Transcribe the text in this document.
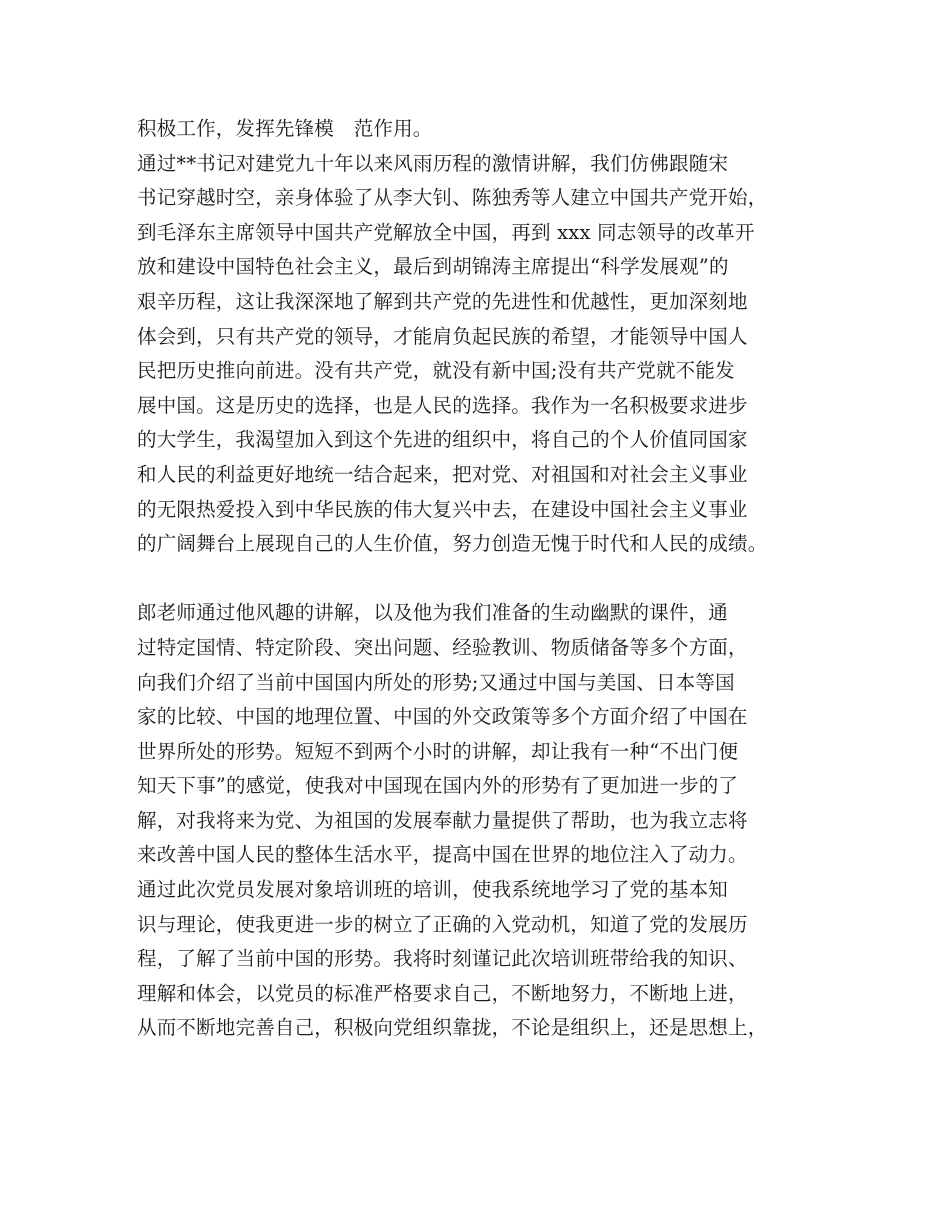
积极工作，发挥先锋模　范作用。
通过**书记对建党九十年以来风雨历程的激情讲解，我们仿佛跟随宋
书记穿越时空，亲身体验了从李大钊、陈独秀等人建立中国共产党开始，
到毛泽东主席领导中国共产党解放全中国，再到 xxx 同志领导的改革开
放和建设中国特色社会主义，最后到胡锦涛主席提出“科学发展观”的
艰辛历程，这让我深深地了解到共产党的先进性和优越性，更加深刻地
体会到，只有共产党的领导，才能肩负起民族的希望，才能领导中国人
民把历史推向前进。没有共产党，就没有新中国;没有共产党就不能发
展中国。这是历史的选择，也是人民的选择。我作为一名积极要求进步
的大学生，我渴望加入到这个先进的组织中，将自己的个人价值同国家
和人民的利益更好地统一结合起来，把对党、对祖国和对社会主义事业
的无限热爱投入到中华民族的伟大复兴中去，在建设中国社会主义事业
的广阔舞台上展现自己的人生价值，努力创造无愧于时代和人民的成绩。
郎老师通过他风趣的讲解，以及他为我们准备的生动幽默的课件，通
过特定国情、特定阶段、突出问题、经验教训、物质储备等多个方面，
向我们介绍了当前中国国内所处的形势;又通过中国与美国、日本等国
家的比较、中国的地理位置、中国的外交政策等多个方面介绍了中国在
世界所处的形势。短短不到两个小时的讲解，却让我有一种“不出门便
知天下事”的感觉，使我对中国现在国内外的形势有了更加进一步的了
解，对我将来为党、为祖国的发展奉献力量提供了帮助，也为我立志将
来改善中国人民的整体生活水平，提高中国在世界的地位注入了动力。
通过此次党员发展对象培训班的培训，使我系统地学习了党的基本知
识与理论，使我更进一步的树立了正确的入党动机，知道了党的发展历
程，了解了当前中国的形势。我将时刻谨记此次培训班带给我的知识、
理解和体会，以党员的标准严格要求自己，不断地努力，不断地上进，
从而不断地完善自己，积极向党组织靠拢，不论是组织上，还是思想上，
